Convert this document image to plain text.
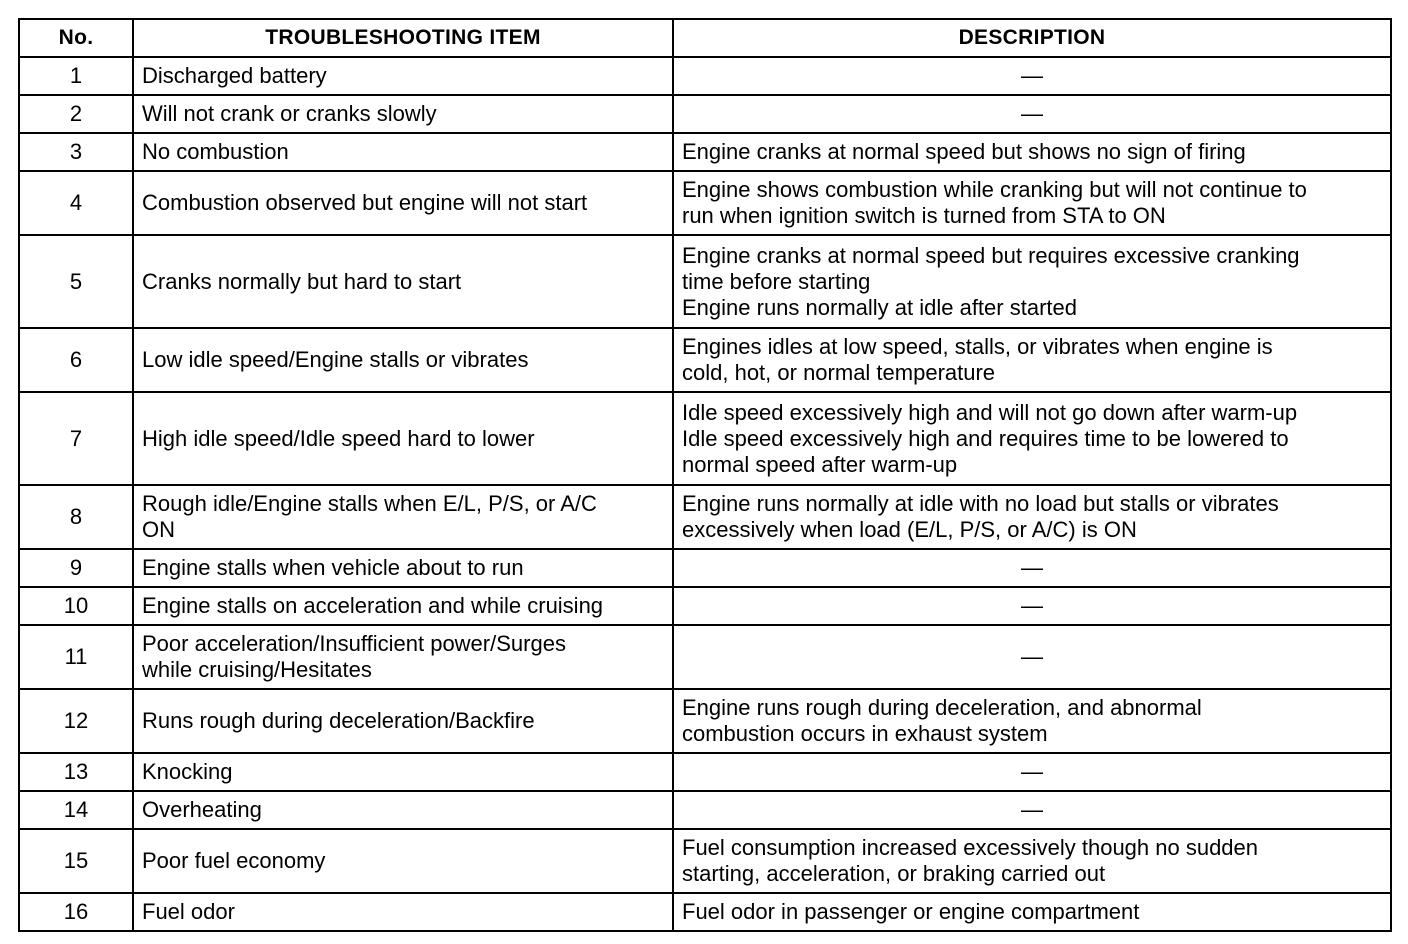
No.	TROUBLESHOOTING ITEM	DESCRIPTION
1	Discharged battery	—

2	Will not crank or cranks slowly	—

3	No combustion	Engine cranks at normal speed but shows no sign of firing

4	Combustion observed but engine will not start	Engine shows combustion while cranking but will not continue to
run when ignition switch is turned from STA to ON

5	Cranks normally but hard to start	Engine cranks at normal speed but requires excessive cranking
time before starting
Engine runs normally at idle after started

6	Low idle speed/Engine stalls or vibrates	Engines idles at low speed, stalls, or vibrates when engine is
cold, hot, or normal temperature

7	High idle speed/Idle speed hard to lower	Idle speed excessively high and will not go down after warm-up
Idle speed excessively high and requires time to be lowered to
normal speed after warm-up

8	Rough idle/Engine stalls when E/L, P/S, or A/C
ON	Engine runs normally at idle with no load but stalls or vibrates
excessively when load (E/L, P/S, or A/C) is ON

9	Engine stalls when vehicle about to run	—

10	Engine stalls on acceleration and while cruising	—

11	Poor acceleration/Insufficient power/Surges
while cruising/Hesitates	—

12	Runs rough during deceleration/Backfire	Engine runs rough during deceleration, and abnormal
combustion occurs in exhaust system

13	Knocking	—

14	Overheating	—

15	Poor fuel economy	Fuel consumption increased excessively though no sudden
starting, acceleration, or braking carried out

16	Fuel odor	Fuel odor in passenger or engine compartment
